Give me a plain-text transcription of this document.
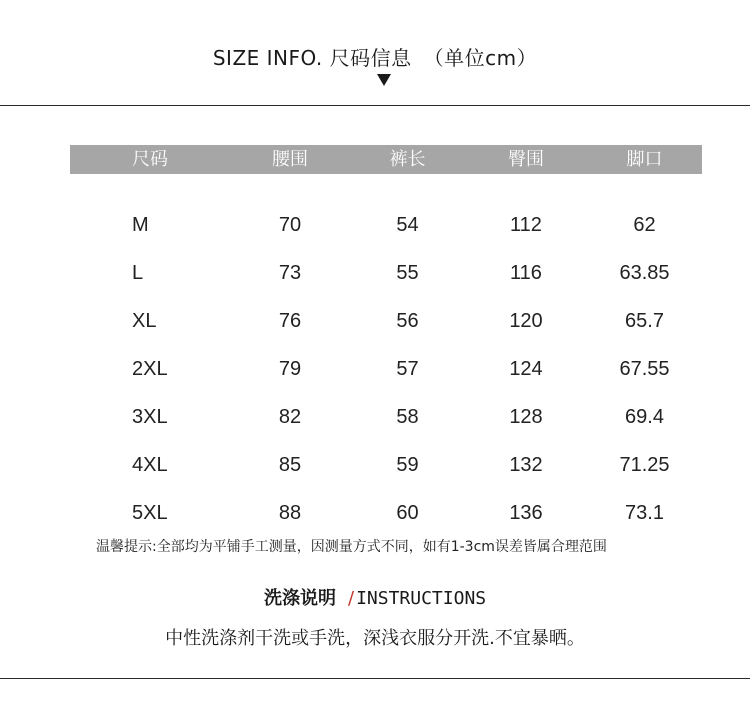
SIZE INFO. 尺码信息 （单位cm）
尺码	腰围	裤长	臀围	脚口
M	70	54	112	62
L	73	55	116	63.85
XL	76	56	120	65.7
2XL	79	57	124	67.55
3XL	82	58	128	69.4
4XL	85	59	132	71.25
5XL	88	60	136	73.1
温馨提示:全部均为平铺手工测量，因测量方式不同，如有1-3cm误差皆属合理范围
洗涤说明 / INSTRUCTIONS
中性洗涤剂干洗或手洗，深浅衣服分开洗.不宜暴晒。
